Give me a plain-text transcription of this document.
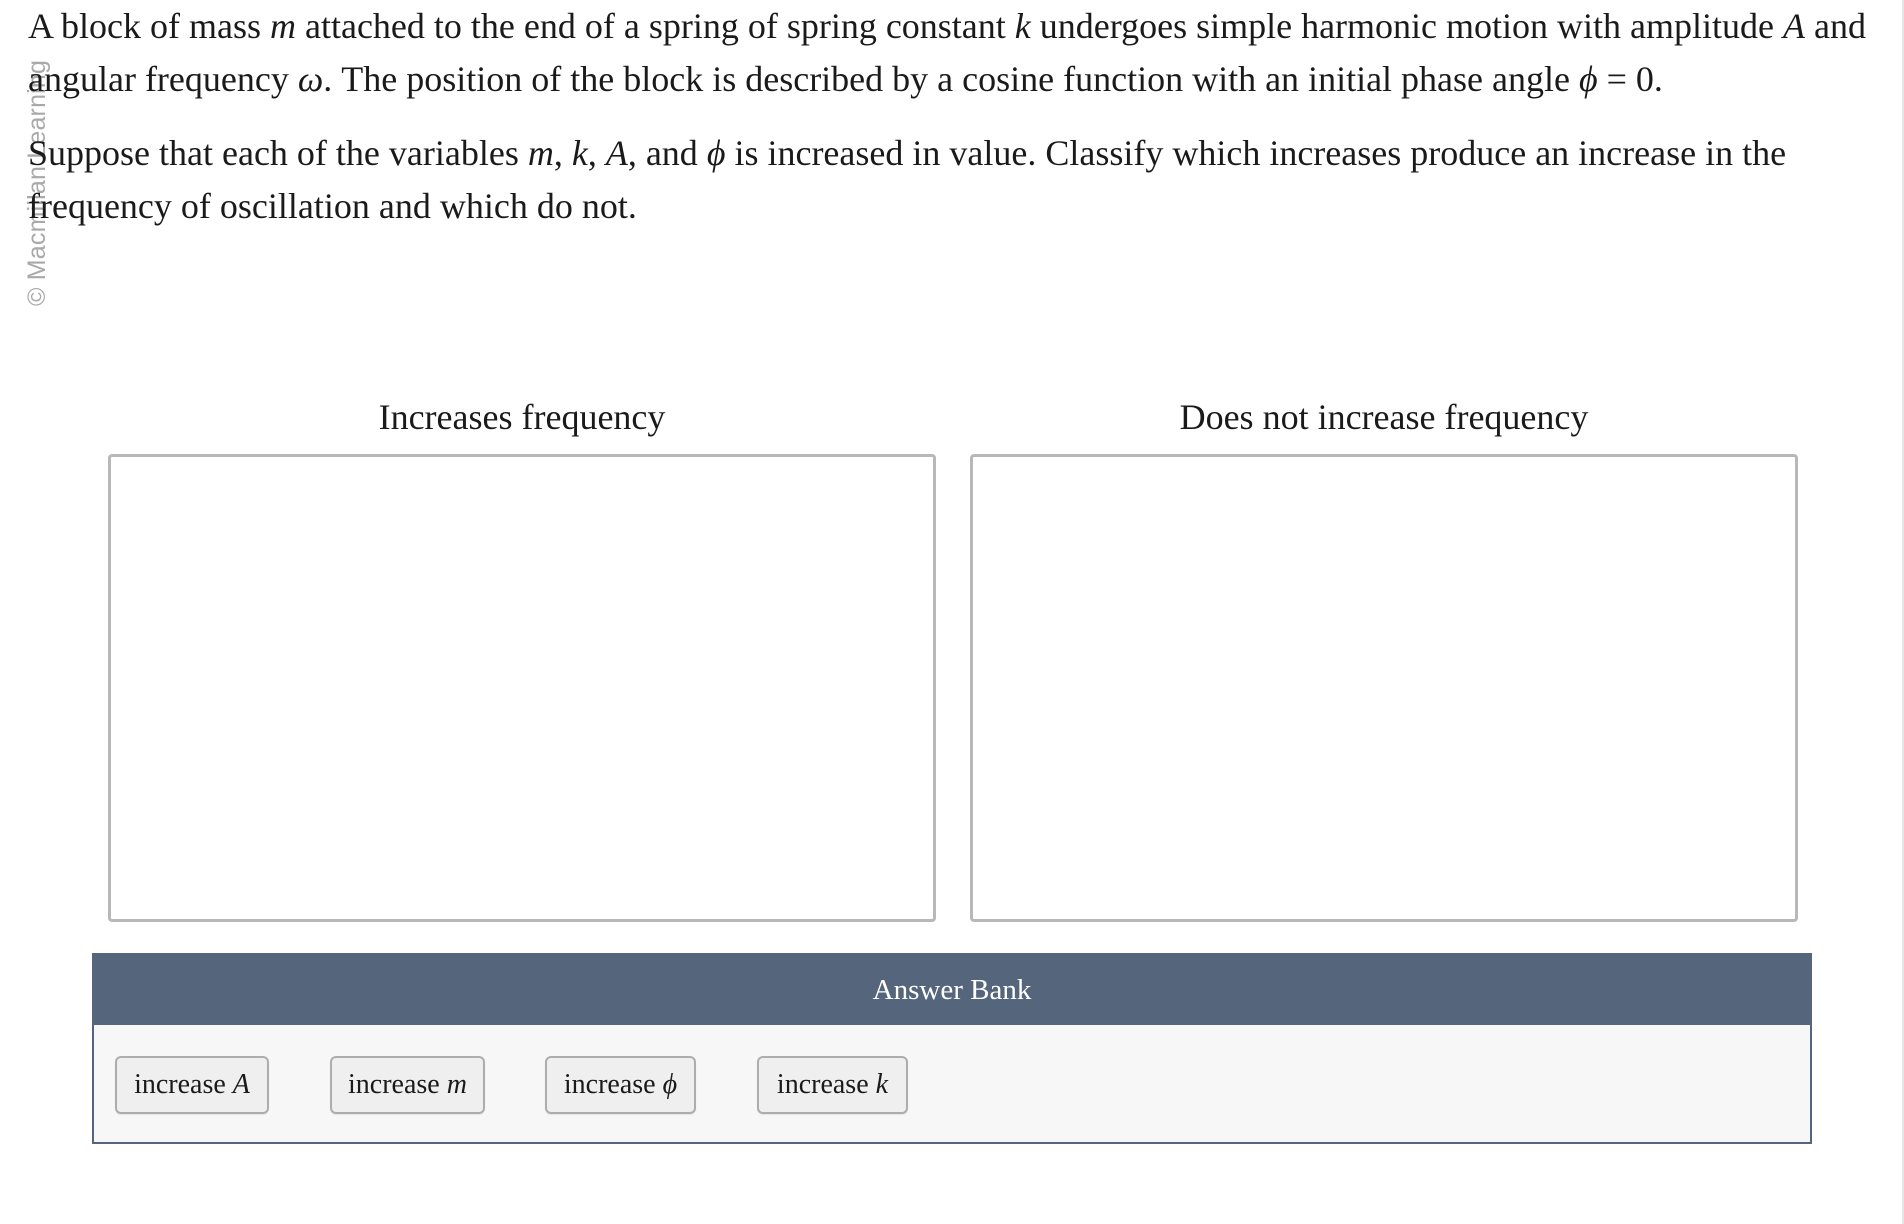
© Macmillan Learning

A block of mass m attached to the end of a spring of spring constant k undergoes simple harmonic motion with amplitude A and angular frequency ω. The position of the block is described by a cosine function with an initial phase angle ϕ = 0.

Suppose that each of the variables m, k, A, and ϕ is increased in value. Classify which increases produce an increase in the frequency of oscillation and which do not.

Increases frequency	Does not increase frequency
Answer Bank
increase A	increase m	increase ϕ	increase k
